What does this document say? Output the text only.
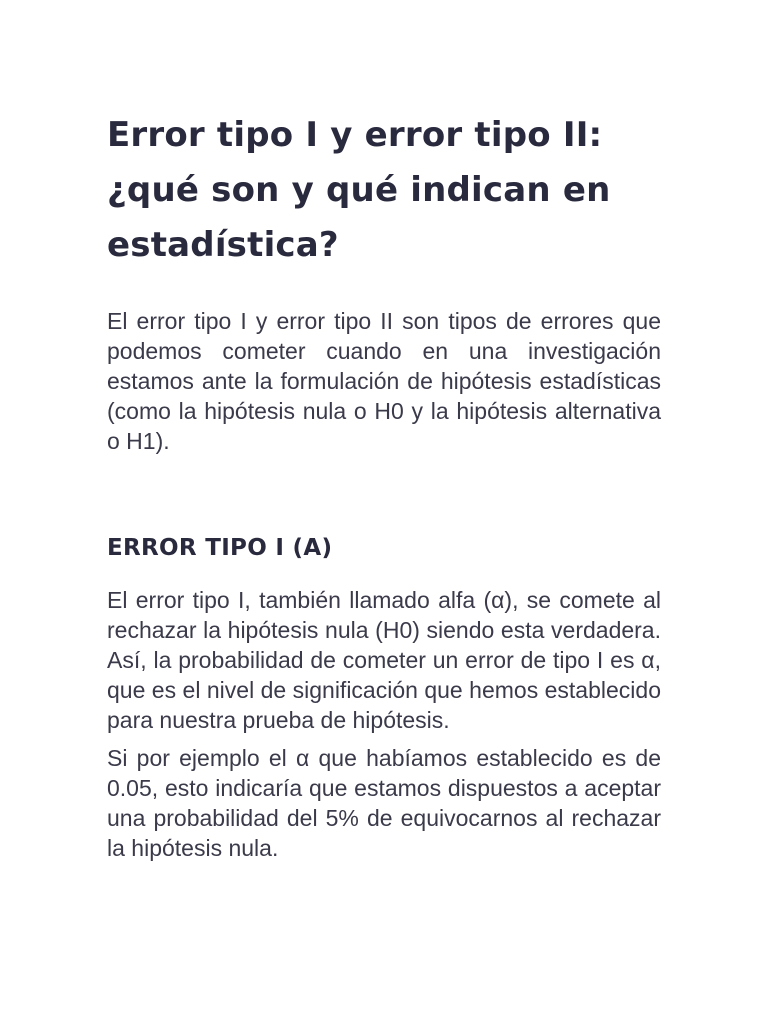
Error tipo I y error tipo II: ¿qué son y qué indican en estadística?

El error tipo I y error tipo II son tipos de errores que podemos cometer cuando en una investigación estamos ante la formulación de hipótesis estadísticas (como la hipótesis nula o H0 y la hipótesis alternativa o H1).

ERROR TIPO I (A)

El error tipo I, también llamado alfa (α), se comete al rechazar la hipótesis nula (H0) siendo esta verdadera. Así, la probabilidad de cometer un error de tipo I es α, que es el nivel de significación que hemos establecido para nuestra prueba de hipótesis.

Si por ejemplo el α que habíamos establecido es de 0.05, esto indicaría que estamos dispuestos a aceptar una probabilidad del 5% de equivocarnos al rechazar la hipótesis nula.
